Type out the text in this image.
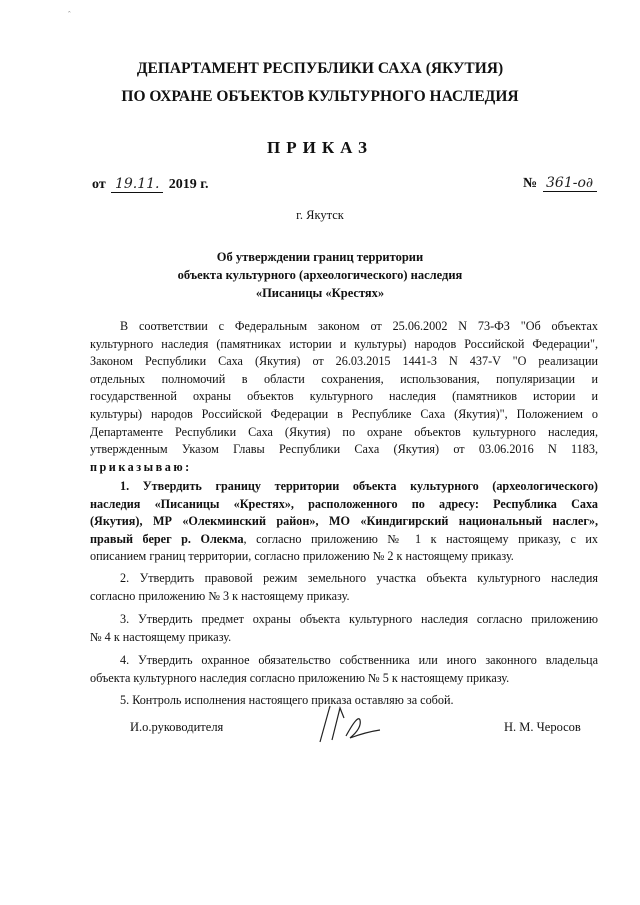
ˆ
ДЕПАРТАМЕНТ РЕСПУБЛИКИ САХА (ЯКУТИЯ)
ПО ОХРАНЕ ОБЪЕКТОВ КУЛЬТУРНОГО НАСЛЕДИЯ
ПРИКАЗ
от 19.11. 2019 г.	№ 361-о∂
г. Якутск
Об утверждении границ территории
объекта культурного (археологического) наследия
«Писаницы «Крестях»
В соответствии с Федеральным законом от 25.06.2002 N 73-ФЗ "Об объектах
культурного наследия (памятниках истории и культуры) народов Российской Федерации",
Законом Республики Саха (Якутия) от 26.03.2015 1441-З N 437-V "О реализации
отдельных полномочий в области сохранения, использования, популяризации и
государственной охраны объектов культурного наследия (памятников истории и
культуры) народов Российской Федерации в Республике Саха (Якутия)", Положением о
Департаменте Республики Саха (Якутия) по охране объектов культурного наследия,
утвержденным Указом Главы Республики Саха (Якутия) от 03.06.2016 N 1183,
приказываю:
1. Утвердить границу территории объекта культурного (археологического)
наследия «Писаницы «Крестях», расположенного по адресу: Республика Саха
(Якутия), МР «Олекминский район», МО «Киндигирский национальный наслег»,
правый берег р. Олекма, согласно приложению № 1 к настоящему приказу, с их
описанием границ территории, согласно приложению № 2 к настоящему приказу.
2. Утвердить правовой режим земельного участка объекта культурного наследия
согласно приложению № 3 к настоящему приказу.
3. Утвердить предмет охраны объекта культурного наследия согласно приложению
№ 4 к настоящему приказу.
4. Утвердить охранное обязательство собственника или иного законного владельца
объекта культурного наследия согласно приложению № 5 к настоящему приказу.
5. Контроль исполнения настоящего приказа оставляю за собой.
И.о.руководителя	Н. М. Черосов
